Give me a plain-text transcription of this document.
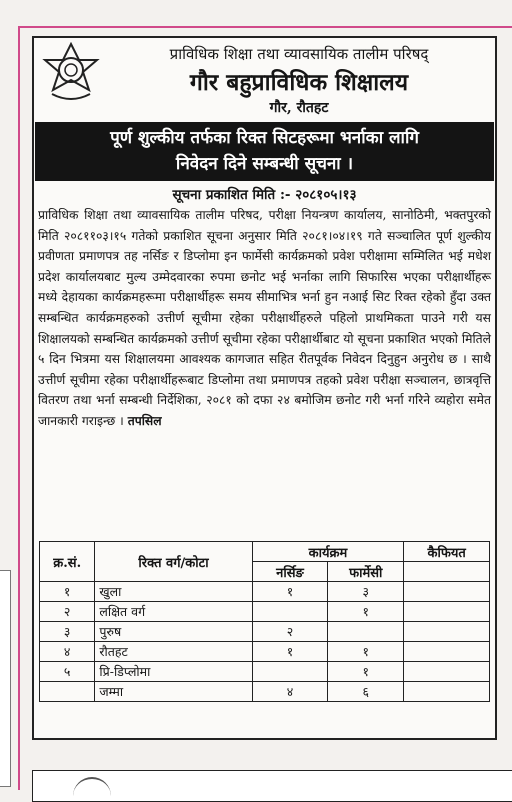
प्राविधिक शिक्षा तथा व्यावसायिक तालीम परिषद्
गौर बहुप्राविधिक शिक्षालय
गौर, रौतहट
पूर्ण शुल्कीय तर्फका रिक्त सिटहरूमा भर्नाका लागि
निवेदन दिने सम्बन्धी सूचना ।
सूचना प्रकाशित मिति :- २०८१०५।१३
प्राविधिक शिक्षा तथा व्यावसायिक तालीम परिषद, परीक्षा नियन्त्रण कार्यालय, सानोठिमी, भक्तपुरको मिति २०८११०३।१५ गतेको प्रकाशित सूचना अनुसार मिति २०८१।०४।१९ गते सञ्चालित पूर्ण शुल्कीय प्रवीणता प्रमाणपत्र तह नर्सिङ र डिप्लोमा इन फार्मेसी कार्यक्रमको प्रवेश परीक्षामा सम्मिलित भई मधेश प्रदेश कार्यालयबाट मुल्य उम्मेदवारका रुपमा छनोट भई भर्नाका लागि सिफारिस भएका परीक्षार्थीहरू मध्ये देहायका कार्यक्रमहरूमा परीक्षार्थीहरू समय सीमाभित्र भर्ना हुन नआई सिट रिक्त रहेको हुँदा उक्त सम्बन्धित कार्यक्रमहरुको उत्तीर्ण सूचीमा रहेका परीक्षार्थीहरुले पहिलो प्राथमिकता पाउने गरी यस शिक्षालयको सम्बन्धित कार्यक्रमको उत्तीर्ण सूचीमा रहेका परीक्षार्थीबाट यो सूचना प्रकाशित भएको मितिले ५ दिन भित्रमा यस शिक्षालयमा आवश्यक कागजात सहित रीतपूर्वक निवेदन दिनुहुन अनुरोध छ । साथै उत्तीर्ण सूचीमा रहेका परीक्षार्थीहरूबाट डिप्लोमा तथा प्रमाणपत्र तहको प्रवेश परीक्षा सञ्चालन, छात्रवृत्ति वितरण तथा भर्ना सम्बन्धी निर्देशिका, २०८१ को दफा २४ बमोजिम छनोट गरी भर्ना गरिने व्यहोरा समेत जानकारी गराइन्छ । तपसिल
क्र.सं.	रिक्त वर्ग/कोटा	कार्यक्रम		कैफियत
		नर्सिङ	फार्मेसी	
१	खुला	१	३	
२	लक्षित वर्ग		१	
३	पुरुष	२		
४	रौतहट	१	१	
५	प्रि-डिप्लोमा		१	
	जम्मा	४	६	
